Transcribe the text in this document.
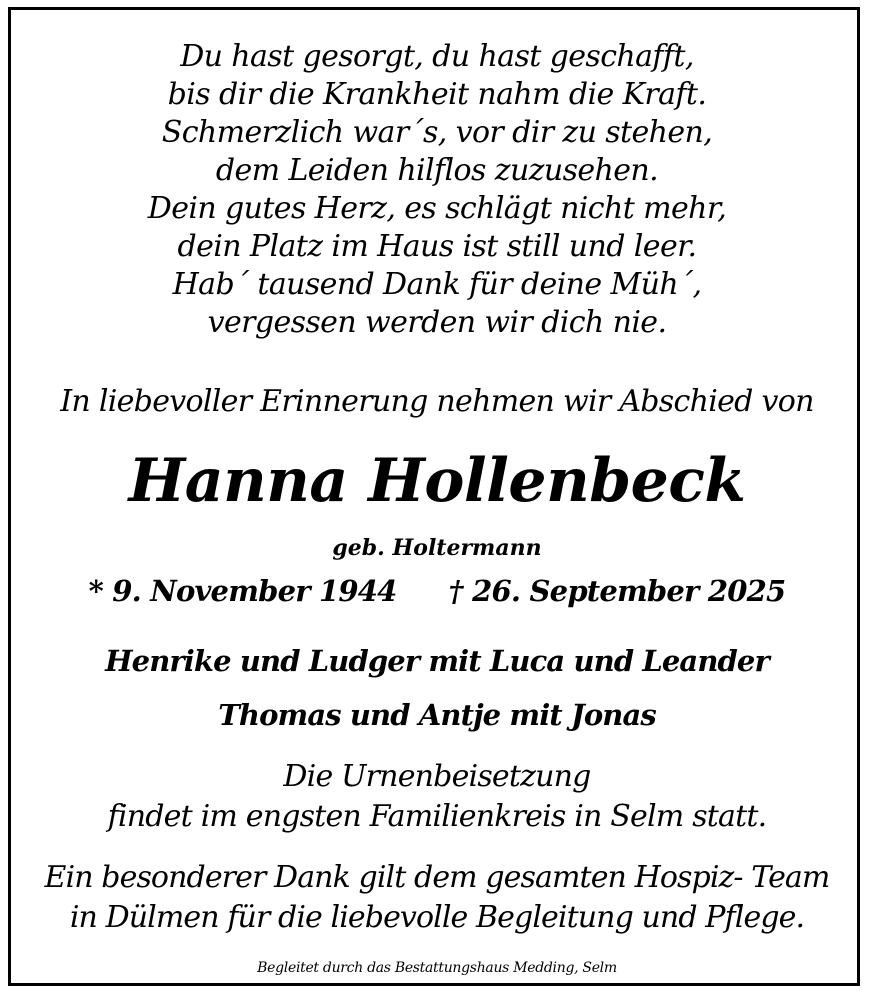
Du hast gesorgt, du hast geschafft,
bis dir die Krankheit nahm die Kraft.
Schmerzlich war´s, vor dir zu stehen,
dem Leiden hilflos zuzusehen.
Dein gutes Herz, es schlägt nicht mehr,
dein Platz im Haus ist still und leer.
Hab´ tausend Dank für deine Müh´,
vergessen werden wir dich nie.
In liebevoller Erinnerung nehmen wir Abschied von
Hanna Hollenbeck
geb. Holtermann
* 9. November 1944 † 26. September 2025
Henrike und Ludger mit Luca und Leander
Thomas und Antje mit Jonas
Die Urnenbeisetzung
findet im engsten Familienkreis in Selm statt.
Ein besonderer Dank gilt dem gesamten Hospiz- Team
in Dülmen für die liebevolle Begleitung und Pflege.
Begleitet durch das Bestattungshaus Medding, Selm
